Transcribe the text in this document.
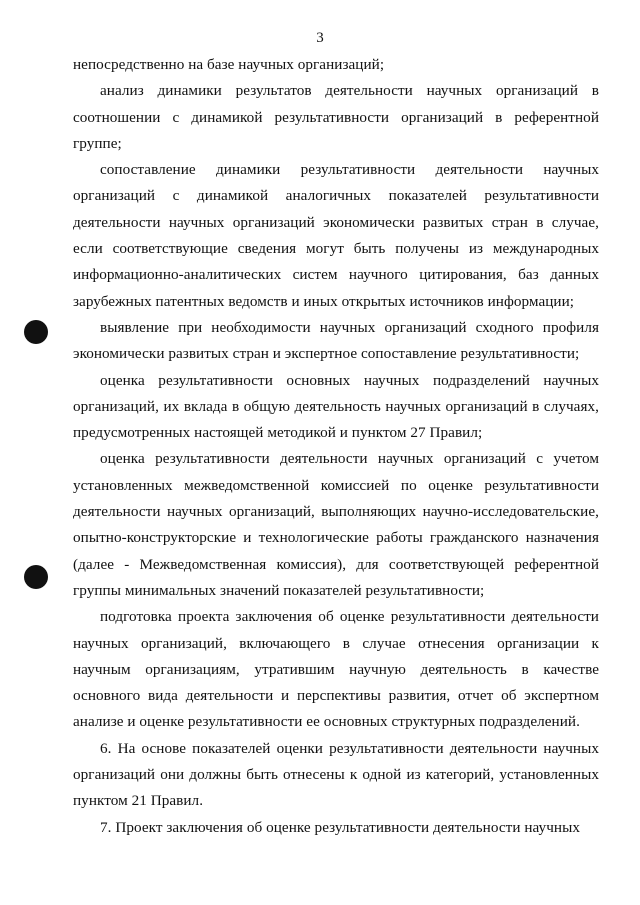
3

непосредственно на базе научных организаций;

анализ динамики результатов деятельности научных организаций в соотношении с динамикой результативности организаций в референтной группе;

сопоставление динамики результативности деятельности научных организаций с динамикой аналогичных показателей результативности деятельности научных организаций экономически развитых стран в случае, если соответствующие сведения могут быть получены из международных информационно-аналитических систем научного цитирования, баз данных зарубежных патентных ведомств и иных открытых источников информации;

выявление при необходимости научных организаций сходного профиля экономически развитых стран и экспертное сопоставление результативности;

оценка результативности основных научных подразделений научных организаций, их вклада в общую деятельность научных организаций в случаях, предусмотренных настоящей методикой и пунктом 27 Правил;

оценка результативности деятельности научных организаций с учетом установленных межведомственной комиссией по оценке результативности деятельности научных организаций, выполняющих научно-исследовательские, опытно-конструкторские и технологические работы гражданского назначения (далее - Межведомственная комиссия), для соответствующей референтной группы минимальных значений показателей результативности;

подготовка проекта заключения об оценке результативности деятельности научных организаций, включающего в случае отнесения организации к научным организациям, утратившим научную деятельность в качестве основного вида деятельности и перспективы развития, отчет об экспертном анализе и оценке результативности ее основных структурных подразделений.

6. На основе показателей оценки результативности деятельности научных организаций они должны быть отнесены к одной из категорий, установленных пунктом 21 Правил.

7. Проект заключения об оценке результативности деятельности научных
